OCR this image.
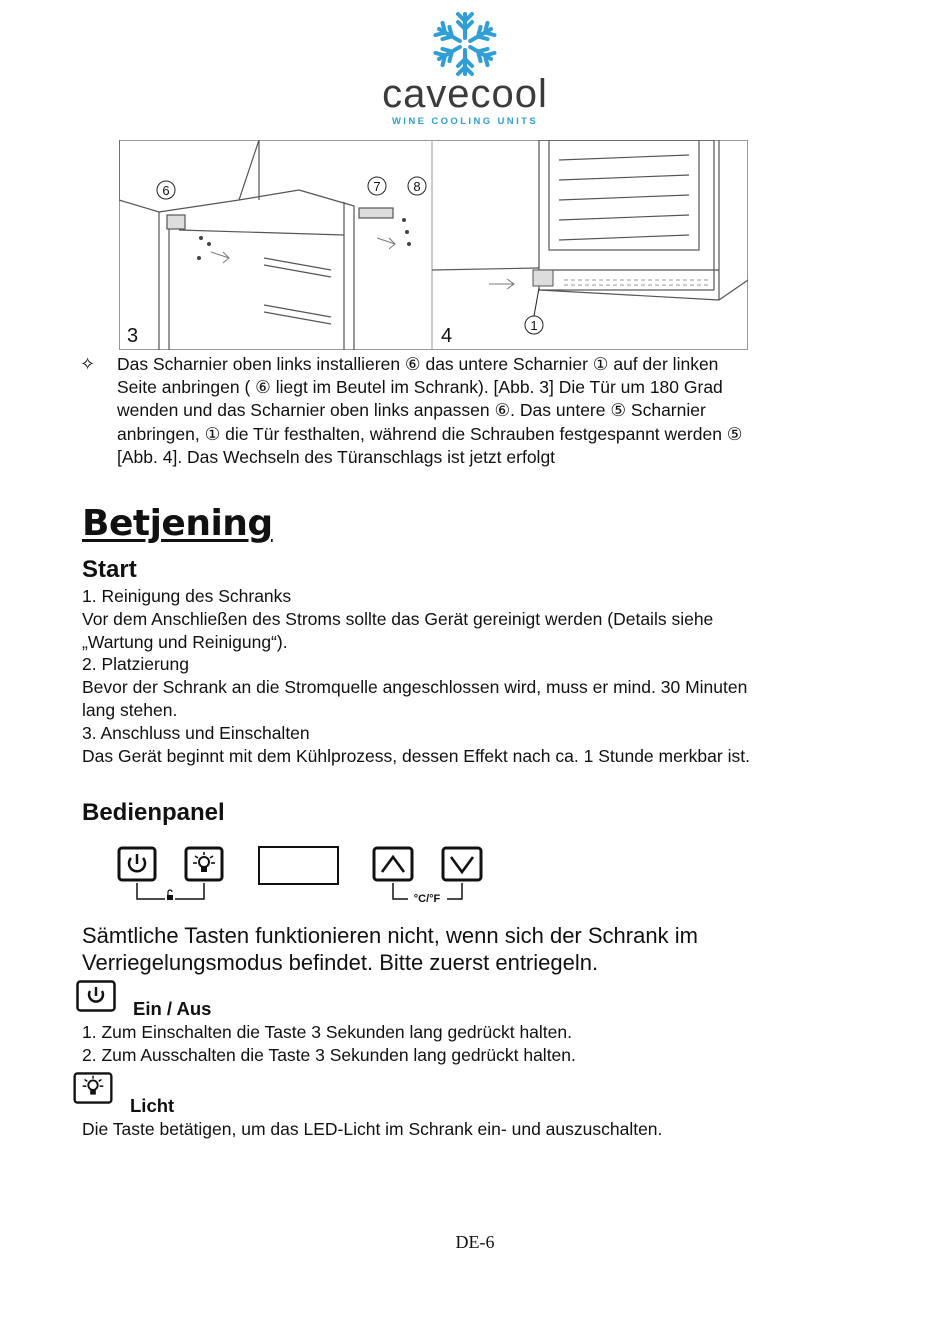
cavecool
WINE COOLING UNITS
6	7	8
1
3	4
✧	Das Scharnier oben links installieren ⑥ das untere Scharnier ① auf der linken
Seite anbringen ( ⑥ liegt im Beutel im Schrank). [Abb. 3] Die Tür um 180 Grad
wenden und das Scharnier oben links anpassen ⑥. Das untere ⑤ Scharnier
anbringen, ① die Tür festhalten, während die Schrauben festgespannt werden ⑤
[Abb. 4]. Das Wechseln des Türanschlags ist jetzt erfolgt
Betjening
Start
1. Reinigung des Schranks
Vor dem Anschließen des Stroms sollte das Gerät gereinigt werden (Details siehe
„Wartung und Reinigung“).
2. Platzierung
Bevor der Schrank an die Stromquelle angeschlossen wird, muss er mind. 30 Minuten
lang stehen.
3. Anschluss und Einschalten
Das Gerät beginnt mit dem Kühlprozess, dessen Effekt nach ca. 1 Stunde merkbar ist.
Bedienpanel
°C/°F
Sämtliche Tasten funktionieren nicht, wenn sich der Schrank im
Verriegelungsmodus befindet. Bitte zuerst entriegeln.
Ein / Aus
1. Zum Einschalten die Taste 3 Sekunden lang gedrückt halten.
2. Zum Ausschalten die Taste 3 Sekunden lang gedrückt halten.
Licht
Die Taste betätigen, um das LED-Licht im Schrank ein- und auszuschalten.
DE-6
